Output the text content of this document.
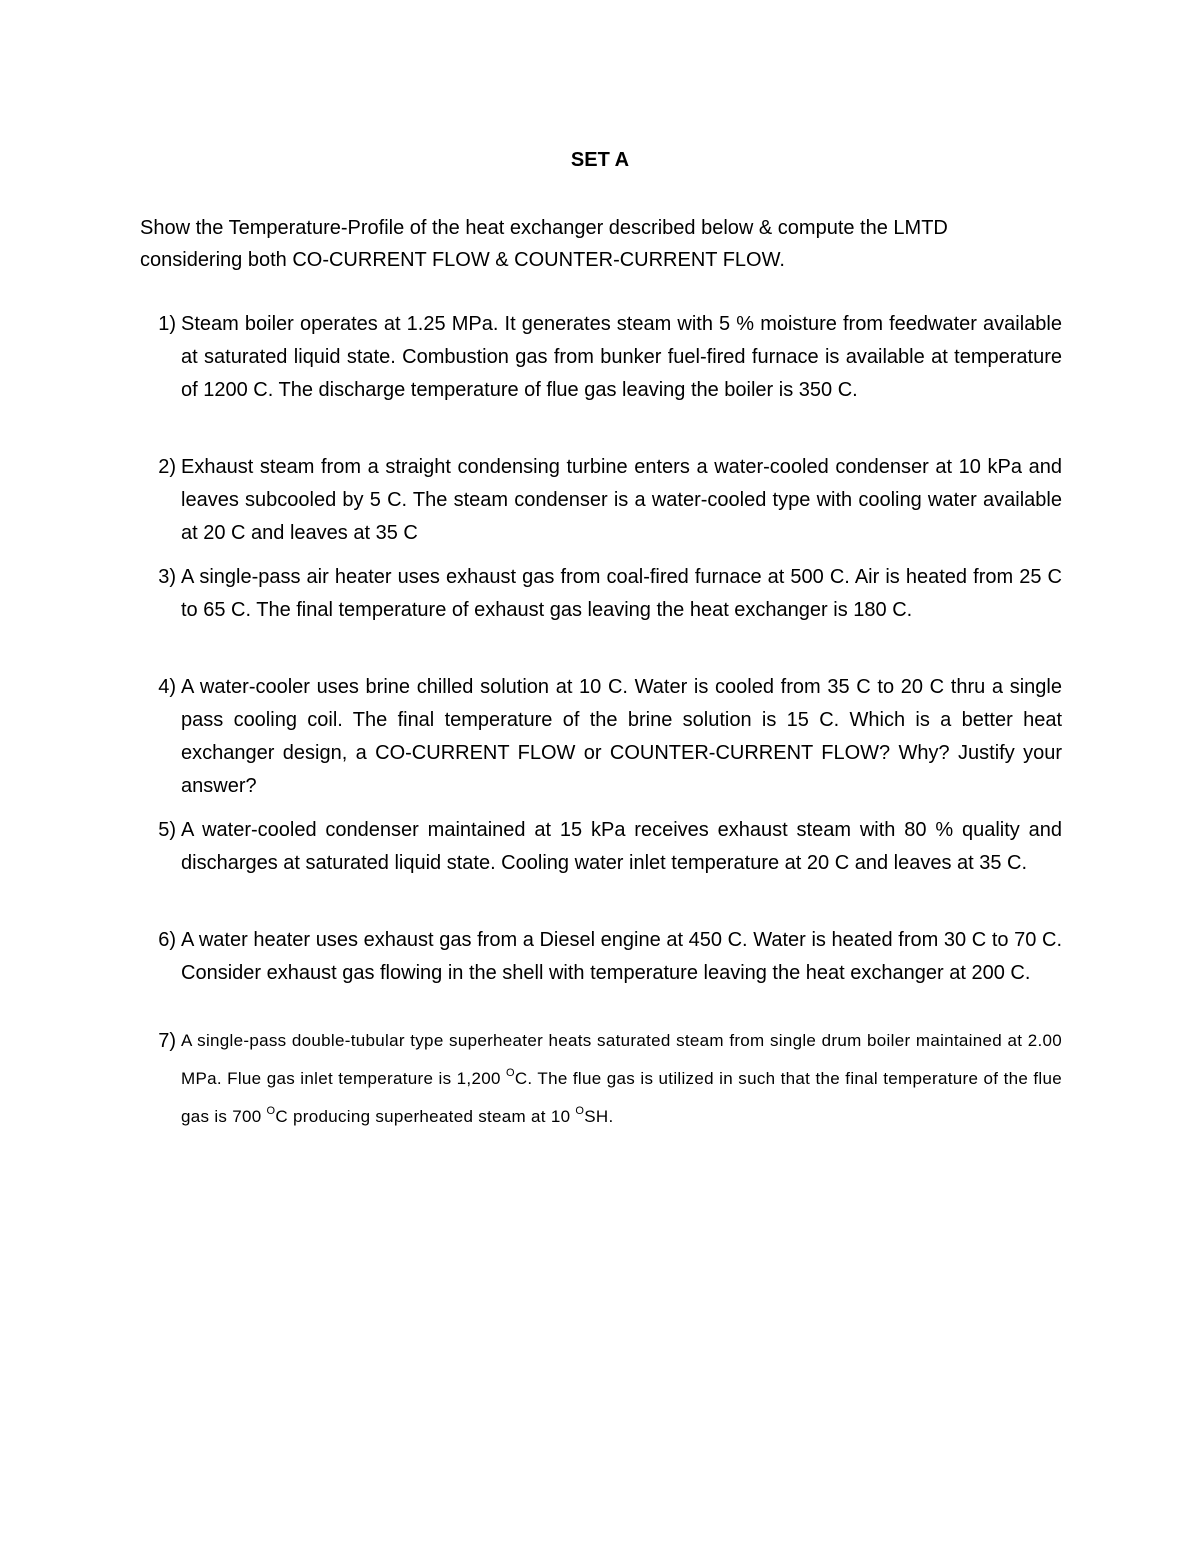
SET A

Show the Temperature-Profile of the heat exchanger described below & compute the LMTD

considering both CO-CURRENT FLOW & COUNTER-CURRENT FLOW.

1) Steam boiler operates at 1.25 MPa. It generates steam with 5 % moisture from feedwater available at saturated liquid state. Combustion gas from bunker fuel-fired furnace is available at temperature of 1200 C. The discharge temperature of flue gas leaving the boiler is 350 C.
2) Exhaust steam from a straight condensing turbine enters a water-cooled condenser at 10 kPa and leaves subcooled by 5 C. The steam condenser is a water-cooled type with cooling water available at 20 C and leaves at 35 C
3) A single-pass air heater uses exhaust gas from coal-fired furnace at 500 C. Air is heated from 25 C to 65 C. The final temperature of exhaust gas leaving the heat exchanger is 180 C.
4) A water-cooler uses brine chilled solution at 10 C. Water is cooled from 35 C to 20 C thru a single pass cooling coil. The final temperature of the brine solution is 15 C. Which is a better heat exchanger design, a CO-CURRENT FLOW or COUNTER-CURRENT FLOW? Why? Justify your answer?
5) A water-cooled condenser maintained at 15 kPa receives exhaust steam with 80 % quality and discharges at saturated liquid state. Cooling water inlet temperature at 20 C and leaves at 35 C.
6) A water heater uses exhaust gas from a Diesel engine at 450 C. Water is heated from 30 C to 70 C. Consider exhaust gas flowing in the shell with temperature leaving the heat exchanger at 200 C.
7) A single-pass double-tubular type superheater heats saturated steam from single drum boiler maintained at 2.00 MPa. Flue gas inlet temperature is 1,200 $^O$C. The flue gas is utilized in such that the final temperature of the flue gas is 700 $^O$C producing superheated steam at 10 $^O$SH.
